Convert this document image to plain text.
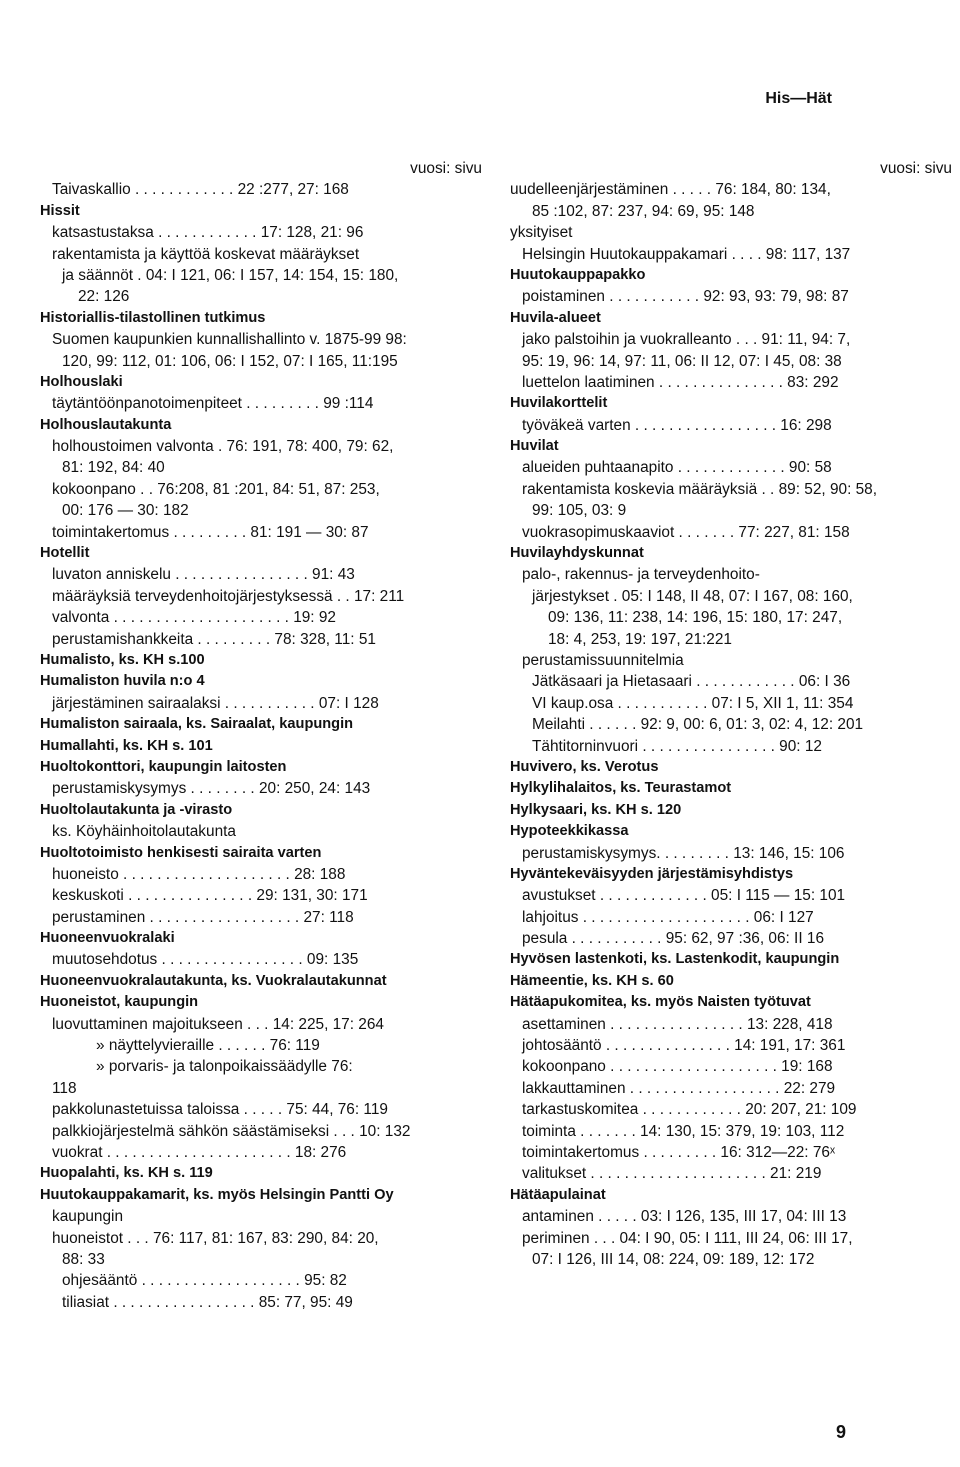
His—Hät
vuosi: sivu
Taivaskallio . . . . . . . . . . . . 22 :277, 27: 168
Hissit
katsastustaksa . . . . . . . . . . . . 17: 128, 21: 96
rakentamista ja käyttöä koskevat määräykset
ja säännöt . 04: I 121, 06: I 157, 14: 154, 15: 180,
22: 126
Historiallis-tilastollinen tutkimus
Suomen kaupunkien kunnallishallinto v. 1875-99 98:
120, 99: 112, 01: 106, 06: I 152, 07: I 165, 11:195
Holhouslaki
täytäntöönpanotoimenpiteet . . . . . . . . . 99 :114
Holhouslautakunta
holhoustoimen valvonta . 76: 191, 78: 400, 79: 62,
81: 192, 84: 40
kokoonpano . . 76:208, 81 :201, 84: 51, 87: 253,
00: 176 — 30: 182
toimintakertomus . . . . . . . . . 81: 191 — 30: 87
Hotellit
luvaton anniskelu . . . . . . . . . . . . . . . . 91: 43
määräyksiä terveydenhoitojärjestyksessä . . 17: 211
valvonta . . . . . . . . . . . . . . . . . . . . . 19: 92
perustamishankkeita . . . . . . . . . 78: 328, 11: 51
Humalisto, ks. KH s.100
Humaliston huvila n:o 4
järjestäminen sairaalaksi . . . . . . . . . . . 07: I 128
Humaliston sairaala, ks. Sairaalat, kaupungin
Humallahti, ks. KH s. 101
Huoltokonttori, kaupungin laitosten
perustamiskysymys . . . . . . . . 20: 250, 24: 143
Huoltolautakunta ja -virasto
ks. Köyhäinhoitolautakunta
Huoltotoimisto henkisesti sairaita varten
huoneisto . . . . . . . . . . . . . . . . . . . . 28: 188
keskuskoti . . . . . . . . . . . . . . . 29: 131, 30: 171
perustaminen . . . . . . . . . . . . . . . . . . 27: 118
Huoneenvuokralaki
muutosehdotus . . . . . . . . . . . . . . . . . 09: 135
Huoneenvuokralautakunta, ks. Vuokralautakunnat
Huoneistot, kaupungin
luovuttaminen majoitukseen . . . 14: 225, 17: 264
» näyttelyvieraille . . . . . . 76: 119
» porvaris- ja talonpoikaissäädylle 76:
118
pakkolunastetuissa taloissa . . . . . 75: 44, 76: 119
palkkiojärjestelmä sähkön säästämiseksi . . . 10: 132
vuokrat . . . . . . . . . . . . . . . . . . . . . . 18: 276
Huopalahti, ks. KH s. 119
Huutokauppakamarit, ks. myös Helsingin Pantti Oy
kaupungin
huoneistot . . . 76: 117, 81: 167, 83: 290, 84: 20,
88: 33
ohjesääntö . . . . . . . . . . . . . . . . . . . 95: 82
tiliasiat . . . . . . . . . . . . . . . . . 85: 77, 95: 49
vuosi: sivu
uudelleenjärjestäminen . . . . . 76: 184, 80: 134,
85 :102, 87: 237, 94: 69, 95: 148
yksityiset
Helsingin Huutokauppakamari . . . . 98: 117, 137
Huutokauppapakko
poistaminen . . . . . . . . . . . 92: 93, 93: 79, 98: 87
Huvila-alueet
jako palstoihin ja vuokralleanto . . . 91: 11, 94: 7,
95: 19, 96: 14, 97: 11, 06: II 12, 07: I 45, 08: 38
luettelon laatiminen . . . . . . . . . . . . . . . 83: 292
Huvilakorttelit
työväkeä varten . . . . . . . . . . . . . . . . . 16: 298
Huvilat
alueiden puhtaanapito . . . . . . . . . . . . . 90: 58
rakentamista koskevia määräyksiä . . 89: 52, 90: 58,
99: 105, 03: 9
vuokrasopimuskaaviot . . . . . . . 77: 227, 81: 158
Huvilayhdyskunnat
palo-, rakennus- ja terveydenhoito-
järjestykset . 05: I 148, II 48, 07: I 167, 08: 160,
09: 136, 11: 238, 14: 196, 15: 180, 17: 247,
18: 4, 253, 19: 197, 21:221
perustamissuunnitelmia
Jätkäsaari ja Hietasaari . . . . . . . . . . . . 06: I 36
VI kaup.osa . . . . . . . . . . . 07: I 5, XII 1, 11: 354
Meilahti . . . . . . 92: 9, 00: 6, 01: 3, 02: 4, 12: 201
Tähtitorninvuori . . . . . . . . . . . . . . . . 90: 12
Huvivero, ks. Verotus
Hylkylihalaitos, ks. Teurastamot
Hylkysaari, ks. KH s. 120
Hypoteekkikassa
perustamiskysymys. . . . . . . . . 13: 146, 15: 106
Hyväntekeväisyyden järjestämisyhdistys
avustukset . . . . . . . . . . . . . 05: I 115 — 15: 101
lahjoitus . . . . . . . . . . . . . . . . . . . . 06: I 127
pesula . . . . . . . . . . . 95: 62, 97 :36, 06: II 16
Hyvösen lastenkoti, ks. Lastenkodit, kaupungin
Hämeentie, ks. KH s. 60
Hätäapukomitea, ks. myös Naisten työtuvat
asettaminen . . . . . . . . . . . . . . . . 13: 228, 418
johtosääntö . . . . . . . . . . . . . . . 14: 191, 17: 361
kokoonpano . . . . . . . . . . . . . . . . . . . . 19: 168
lakkauttaminen . . . . . . . . . . . . . . . . . . 22: 279
tarkastuskomitea . . . . . . . . . . . . 20: 207, 21: 109
toiminta . . . . . . . 14: 130, 15: 379, 19: 103, 112
toimintakertomus . . . . . . . . . 16: 312—22: 76ˣ
valitukset . . . . . . . . . . . . . . . . . . . . . 21: 219
Hätäapulainat
antaminen . . . . . 03: I 126, 135, III 17, 04: III 13
periminen . . . 04: I 90, 05: I 111, III 24, 06: III 17,
07: I 126, III 14, 08: 224, 09: 189, 12: 172
9
